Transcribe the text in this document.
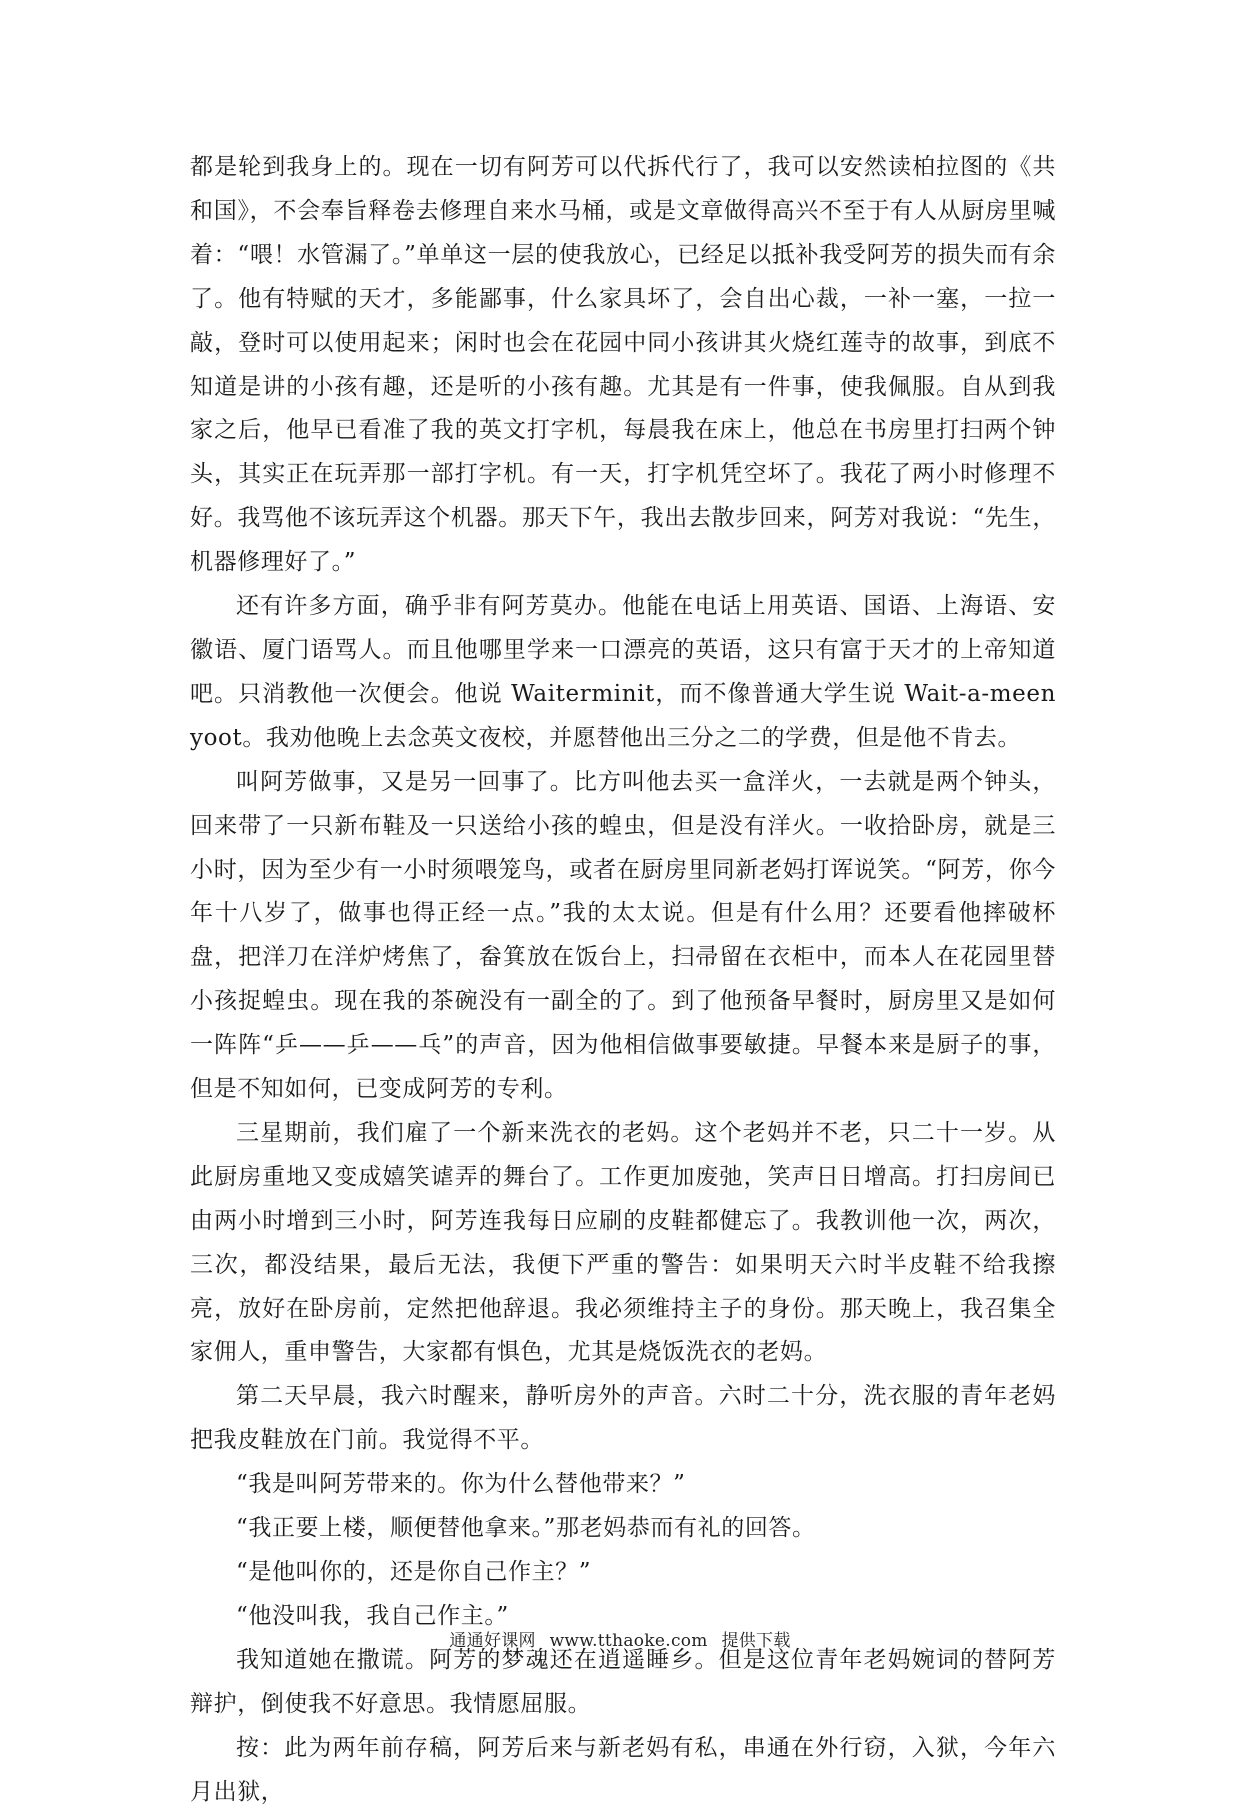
都是轮到我身上的。现在一切有阿芳可以代拆代行了，我可以安然读柏拉图的《共和国》，不会奉旨释卷去修理自来水马桶，或是文章做得高兴不至于有人从厨房里喊着：“喂！水管漏了。”单单这一层的使我放心，已经足以抵补我受阿芳的损失而有余了。他有特赋的天才，多能鄙事，什么家具坏了，会自出心裁，一补一塞，一拉一敲，登时可以使用起来；闲时也会在花园中同小孩讲其火烧红莲寺的故事，到底不知道是讲的小孩有趣，还是听的小孩有趣。尤其是有一件事，使我佩服。自从到我家之后，他早已看准了我的英文打字机，每晨我在床上，他总在书房里打扫两个钟头，其实正在玩弄那一部打字机。有一天，打字机凭空坏了。我花了两小时修理不好。我骂他不该玩弄这个机器。那天下午，我出去散步回来，阿芳对我说：“先生，机器修理好了。”

还有许多方面，确乎非有阿芳莫办。他能在电话上用英语、国语、上海语、安徽语、厦门语骂人。而且他哪里学来一口漂亮的英语，这只有富于天才的上帝知道吧。只消教他一次便会。他说 Waiterminit，而不像普通大学生说 Wait-a-meenyoot。我劝他晚上去念英文夜校，并愿替他出三分之二的学费，但是他不肯去。

叫阿芳做事，又是另一回事了。比方叫他去买一盒洋火，一去就是两个钟头，回来带了一只新布鞋及一只送给小孩的蝗虫，但是没有洋火。一收拾卧房，就是三小时，因为至少有一小时须喂笼鸟，或者在厨房里同新老妈打诨说笑。“阿芳，你今年十八岁了，做事也得正经一点。”我的太太说。但是有什么用？还要看他摔破杯盘，把洋刀在洋炉烤焦了，畚箕放在饭台上，扫帚留在衣柜中，而本人在花园里替小孩捉蝗虫。现在我的茶碗没有一副全的了。到了他预备早餐时，厨房里又是如何一阵阵“乒——乒——乓”的声音，因为他相信做事要敏捷。早餐本来是厨子的事，但是不知如何，已变成阿芳的专利。

三星期前，我们雇了一个新来洗衣的老妈。这个老妈并不老，只二十一岁。从此厨房重地又变成嬉笑谑弄的舞台了。工作更加废弛，笑声日日增高。打扫房间已由两小时增到三小时，阿芳连我每日应刷的皮鞋都健忘了。我教训他一次，两次，三次，都没结果，最后无法，我便下严重的警告：如果明天六时半皮鞋不给我擦亮，放好在卧房前，定然把他辞退。我必须维持主子的身份。那天晚上，我召集全家佣人，重申警告，大家都有惧色，尤其是烧饭洗衣的老妈。

第二天早晨，我六时醒来，静听房外的声音。六时二十分，洗衣服的青年老妈把我皮鞋放在门前。我觉得不平。

“我是叫阿芳带来的。你为什么替他带来？”

“我正要上楼，顺便替他拿来。”那老妈恭而有礼的回答。

“是他叫你的，还是你自己作主？”

“他没叫我，我自己作主。”

我知道她在撒谎。阿芳的梦魂还在逍遥睡乡。但是这位青年老妈婉词的替阿芳辩护，倒使我不好意思。我情愿屈服。

按：此为两年前存稿，阿芳后来与新老妈有私，串通在外行窃，入狱，今年六月出狱，

通通好课网 www.tthaoke.com 提供下载
